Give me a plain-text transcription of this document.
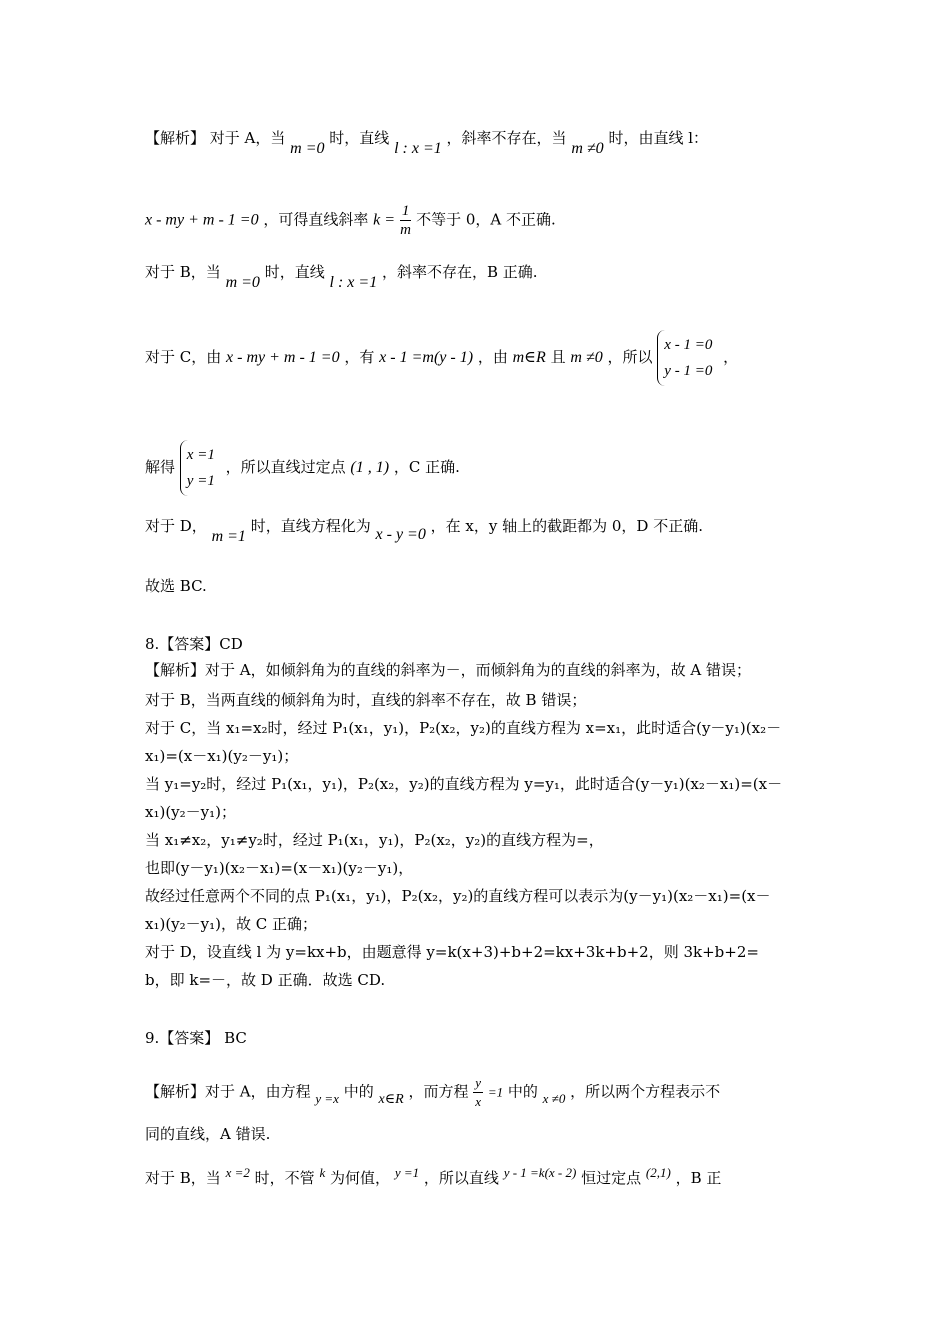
【解析】 对于 A，当 m =0 时，直线 l : x =1 ，斜率不存在，当 m ≠0 时，由直线 l：
x - my + m - 1 =0 ，可得直线斜率 $k = \frac{1}{m}$ 不等于 0，A 不正确.
对于 B，当 m =0 时，直线 l : x =1 ，斜率不存在，B 正确.
对于 C，由 x - my + m - 1 =0 ，有 x - 1 =m(y - 1) ，由 m∈R 且 m ≠0 ，所以
x - 1 =0
y - 1 =0
，
解得
x =1
y =1
，所以直线过定点 (1 , 1) ，C 正确.
对于 D， m =1 时，直线方程化为 x - y =0 ，在 x，y 轴上的截距都为 0，D 不正确.
故选 BC.
8.【答案】CD
【解析】对于 A，如倾斜角为的直线的斜率为－，而倾斜角为的直线的斜率为，故 A 错误；
对于 B，当两直线的倾斜角为时，直线的斜率不存在，故 B 错误；
对于 C，当 x₁=x₂时，经过 P₁(x₁，y₁)，P₂(x₂，y₂)的直线方程为 x=x₁，此时适合(y－y₁)(x₂－
x₁)=(x－x₁)(y₂－y₁)；
当 y₁=y₂时，经过 P₁(x₁，y₁)，P₂(x₂，y₂)的直线方程为 y=y₁，此时适合(y－y₁)(x₂－x₁)=(x－
x₁)(y₂－y₁)；
当 x₁≠x₂，y₁≠y₂时，经过 P₁(x₁，y₁)，P₂(x₂，y₂)的直线方程为=，
也即(y－y₁)(x₂－x₁)=(x－x₁)(y₂－y₁)，
故经过任意两个不同的点 P₁(x₁，y₁)，P₂(x₂，y₂)的直线方程可以表示为(y－y₁)(x₂－x₁)=(x－
x₁)(y₂－y₁)，故 C 正确；
对于 D，设直线 l 为 y=kx+b，由题意得 y=k(x+3)+b+2=kx+3k+b+2，则 3k+b+2=
b，即 k=－，故 D 正确．故选 CD.
9.【答案】 BC
【解析】对于 A，由方程 y =x 中的 x∈R ，而方程 $\frac{y}{x} =1$ 中的 x ≠0 ，所以两个方程表示不
同的直线，A 错误.
对于 B，当 x =2 时，不管 k 为何值， y =1 ，所以直线 y - 1 =k(x - 2) 恒过定点 (2,1) ，B 正
